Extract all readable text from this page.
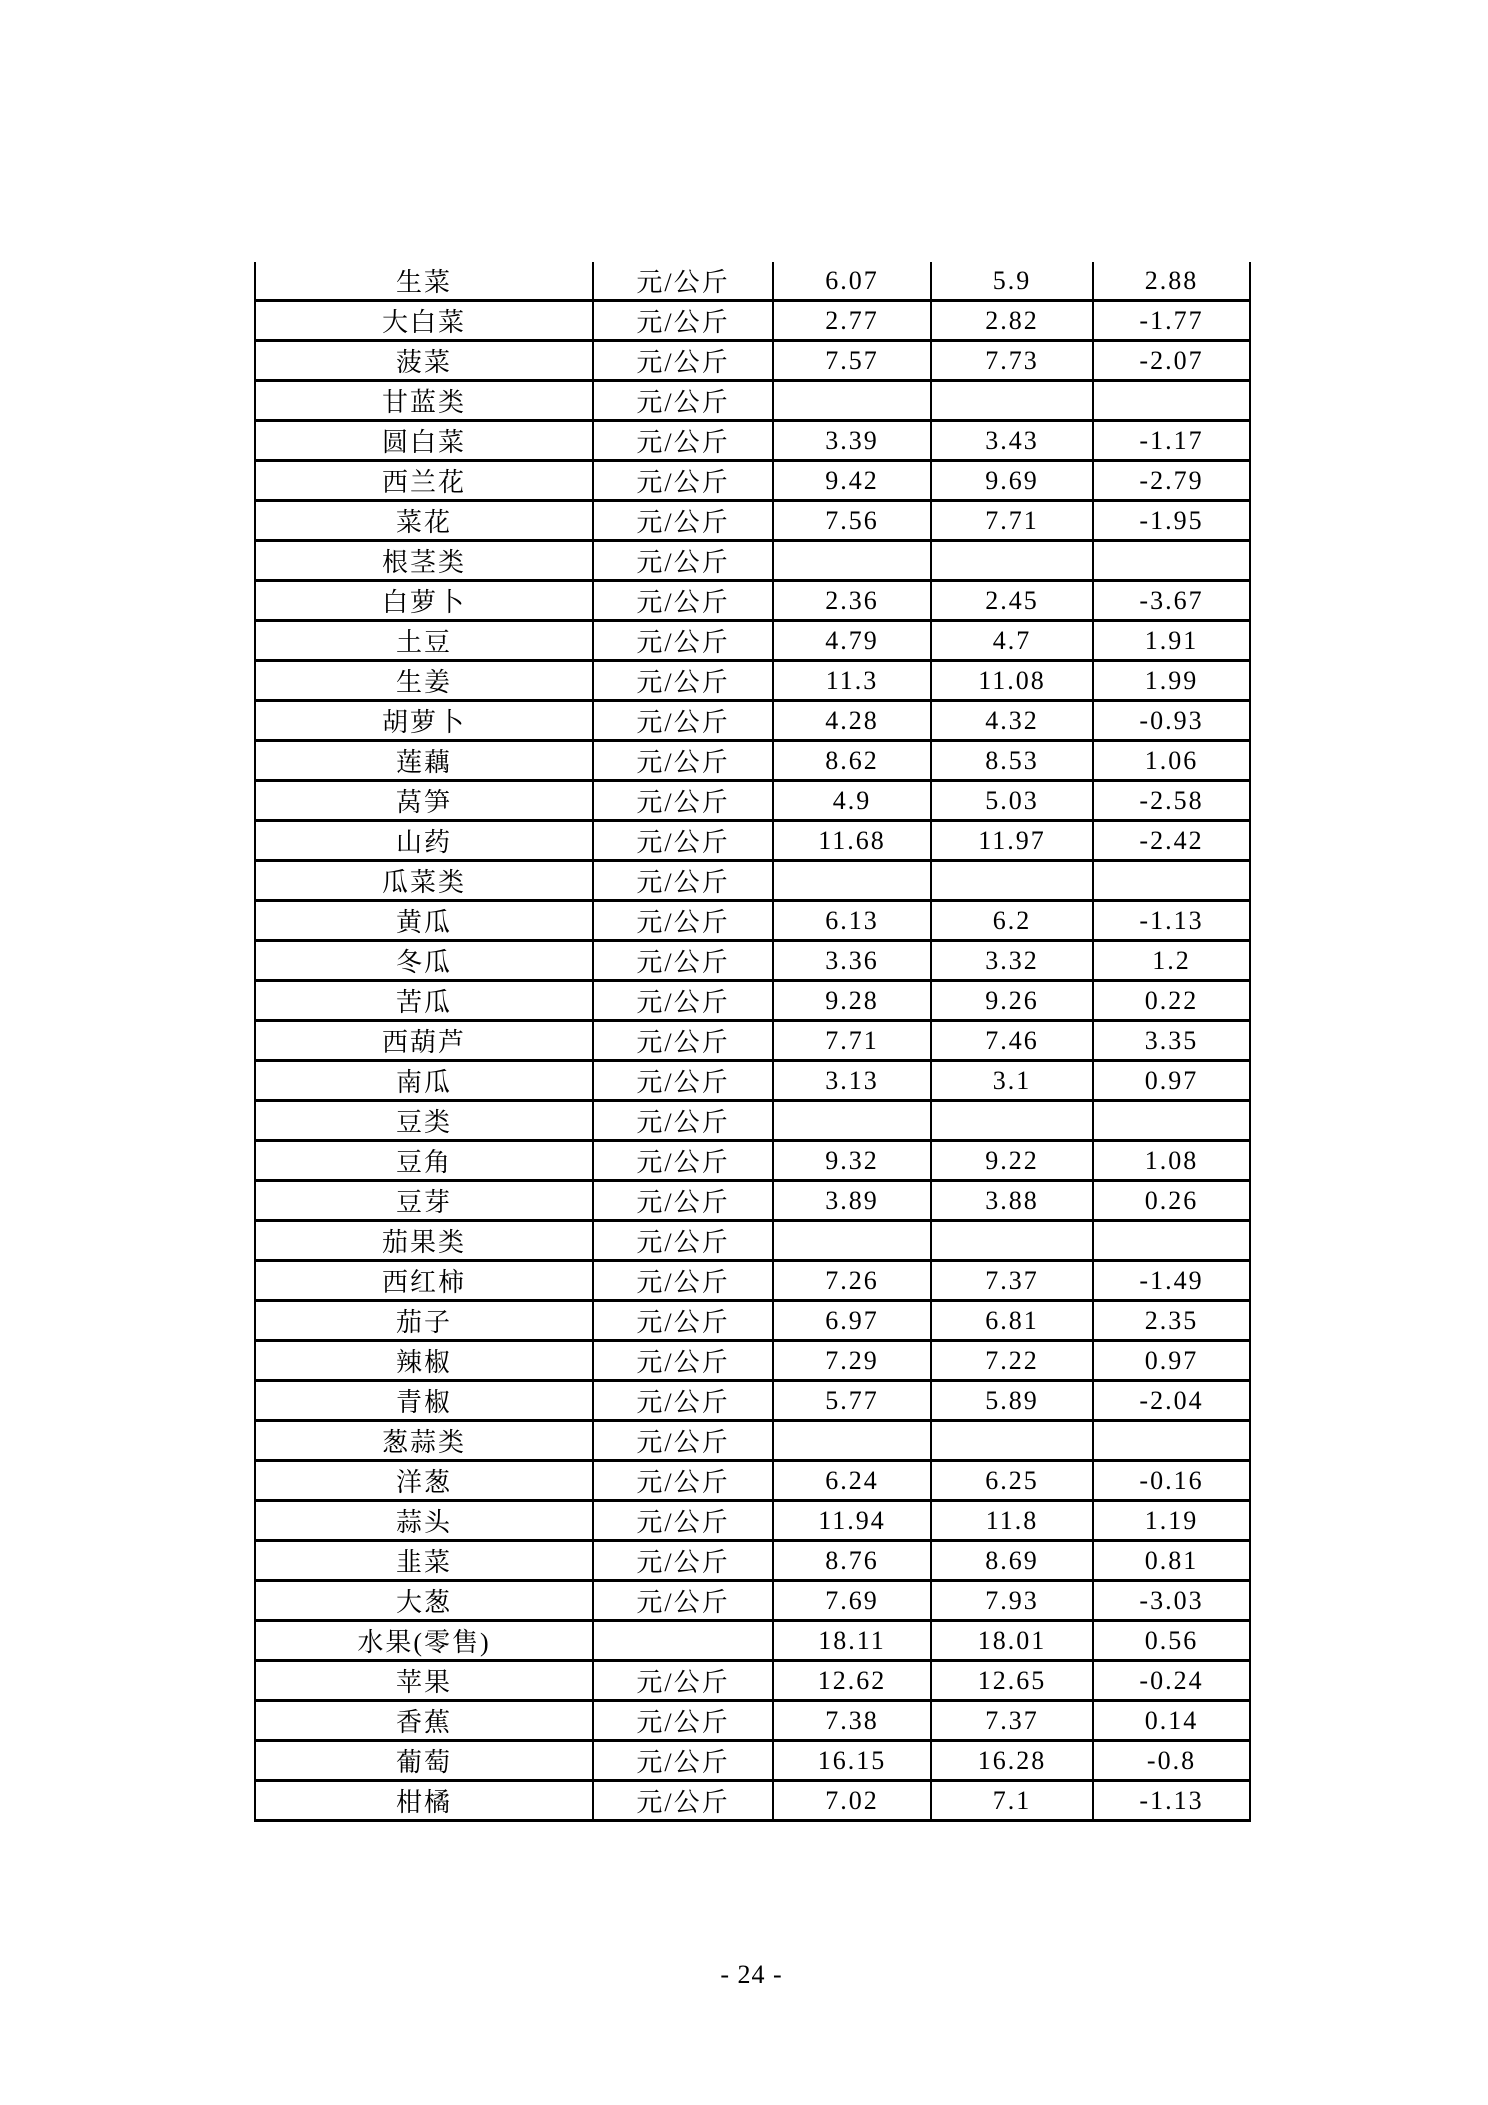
生菜	元/公斤	6.07	5.9	2.88
大白菜	元/公斤	2.77	2.82	-1.77
菠菜	元/公斤	7.57	7.73	-2.07
甘蓝类	元/公斤			
圆白菜	元/公斤	3.39	3.43	-1.17
西兰花	元/公斤	9.42	9.69	-2.79
菜花	元/公斤	7.56	7.71	-1.95
根茎类	元/公斤			
白萝卜	元/公斤	2.36	2.45	-3.67
土豆	元/公斤	4.79	4.7	1.91
生姜	元/公斤	11.3	11.08	1.99
胡萝卜	元/公斤	4.28	4.32	-0.93
莲藕	元/公斤	8.62	8.53	1.06
莴笋	元/公斤	4.9	5.03	-2.58
山药	元/公斤	11.68	11.97	-2.42
瓜菜类	元/公斤			
黄瓜	元/公斤	6.13	6.2	-1.13
冬瓜	元/公斤	3.36	3.32	1.2
苦瓜	元/公斤	9.28	9.26	0.22
西葫芦	元/公斤	7.71	7.46	3.35
南瓜	元/公斤	3.13	3.1	0.97
豆类	元/公斤			
豆角	元/公斤	9.32	9.22	1.08
豆芽	元/公斤	3.89	3.88	0.26
茄果类	元/公斤			
西红柿	元/公斤	7.26	7.37	-1.49
茄子	元/公斤	6.97	6.81	2.35
辣椒	元/公斤	7.29	7.22	0.97
青椒	元/公斤	5.77	5.89	-2.04
葱蒜类	元/公斤			
洋葱	元/公斤	6.24	6.25	-0.16
蒜头	元/公斤	11.94	11.8	1.19
韭菜	元/公斤	8.76	8.69	0.81
大葱	元/公斤	7.69	7.93	-3.03
水果(零售)		18.11	18.01	0.56
苹果	元/公斤	12.62	12.65	-0.24
香蕉	元/公斤	7.38	7.37	0.14
葡萄	元/公斤	16.15	16.28	-0.8
柑橘	元/公斤	7.02	7.1	-1.13
- 24 -
